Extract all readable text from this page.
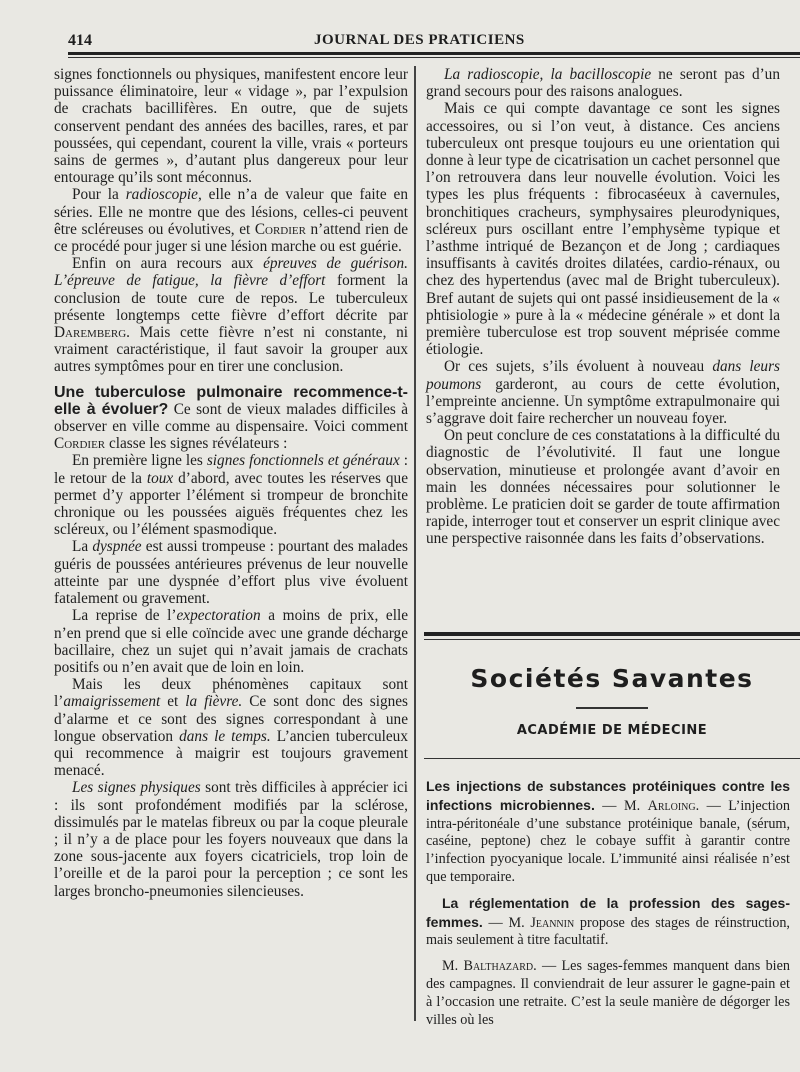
414	JOURNAL DES PRATICIENS

signes fonctionnels ou physiques, manifestent encore leur puissance éliminatoire, leur « vidage », par l’expulsion de crachats bacillifères. En outre, que de sujets conservent pendant des années des bacilles, rares, et par poussées, qui cependant, courent la ville, vrais « porteurs sains de germes », d’autant plus dangereux pour leur entourage qu’ils sont méconnus.

Pour la radioscopie, elle n’a de valeur que faite en séries. Elle ne montre que des lésions, celles-ci peuvent être scléreuses ou évolutives, et Cordier n’attend rien de ce procédé pour juger si une lésion marche ou est guérie.

Enfin on aura recours aux épreuves de guérison. L’épreuve de fatigue, la fièvre d’effort forment la conclusion de toute cure de repos. Le tuberculeux présente longtemps cette fièvre d’effort décrite par Daremberg. Mais cette fièvre n’est ni constante, ni vraiment caractéristique, il faut savoir la grouper aux autres symptômes pour en tirer une conclusion.

Une tuberculose pulmonaire recommence-t-elle à évoluer? Ce sont de vieux malades difficiles à observer en ville comme au dispensaire. Voici comment Cordier classe les signes révélateurs :

En première ligne les signes fonctionnels et généraux : le retour de la toux d’abord, avec toutes les réserves que permet d’y apporter l’élément si trompeur de bronchite chronique ou les poussées aiguës fréquentes chez les scléreux, ou l’élément spasmodique.

La dyspnée est aussi trompeuse : pourtant des malades guéris de poussées antérieures prévenus de leur nouvelle atteinte par une dyspnée d’effort plus vive évoluent fatalement ou gravement.

La reprise de l’expectoration a moins de prix, elle n’en prend que si elle coïncide avec une grande décharge bacillaire, chez un sujet qui n’avait jamais de crachats positifs ou n’en avait que de loin en loin.

Mais les deux phénomènes capitaux sont l’amaigrissement et la fièvre. Ce sont donc des signes d’alarme et ce sont des signes correspondant à une longue observation dans le temps. L’ancien tuberculeux qui recommence à maigrir est toujours gravement menacé.

Les signes physiques sont très difficiles à apprécier ici : ils sont profondément modifiés par la sclérose, dissimulés par le matelas fibreux ou par la coque pleurale ; il n’y a de place pour les foyers nouveaux que dans la zone sous-jacente aux foyers cicatriciels, trop loin de l’oreille et de la paroi pour la perception ; ce sont les larges broncho-pneumonies silencieuses.

La radioscopie, la bacilloscopie ne seront pas d’un grand secours pour des raisons analogues.

Mais ce qui compte davantage ce sont les signes accessoires, ou si l’on veut, à distance. Ces anciens tuberculeux ont presque toujours eu une orientation qui donne à leur type de cicatrisation un cachet personnel que l’on retrouvera dans leur nouvelle évolution. Voici les types les plus fréquents : fibrocaséeux à cavernules, bronchitiques cracheurs, symphysaires pleurodyniques, scléreux purs oscillant entre l’emphysème typique et l’asthme intriqué de Bezançon et de Jong ; cardiaques insuffisants à cavités droites dilatées, cardio-rénaux, ou chez des hypertendus (avec mal de Bright tuberculeux). Bref autant de sujets qui ont passé insidieusement de la « phtisiologie » pure à la « médecine générale » et dont la première tuberculose est trop souvent méprisée comme étiologie.

Or ces sujets, s’ils évoluent à nouveau dans leurs poumons garderont, au cours de cette évolution, l’empreinte ancienne. Un symptôme extrapulmonaire qui s’aggrave doit faire rechercher un nouveau foyer.

On peut conclure de ces constatations à la difficulté du diagnostic de l’évolutivité. Il faut une longue observation, minutieuse et prolongée avant d’avoir en main les données nécessaires pour solutionner le problème. Le praticien doit se garder de toute affirmation rapide, interroger tout et conserver un esprit clinique avec une perspective raisonnée dans les faits d’observations.

Sociétés Savantes
ACADÉMIE DE MÉDECINE

Les injections de substances protéiniques contre les infections microbiennes. — M. Arloing. — L’injection intra-péritonéale d’une substance protéinique banale, (sérum, caséine, peptone) chez le cobaye suffit à garantir contre l’infection pyocyanique locale. L’immunité ainsi réalisée n’est que temporaire.

La réglementation de la profession des sages-femmes. — M. Jeannin propose des stages de réinstruction, mais seulement à titre facultatif.

M. Balthazard. — Les sages-femmes manquent dans bien des campagnes. Il conviendrait de leur assurer le gagne-pain et à l’occasion une retraite. C’est la seule manière de dégorger les villes où les
